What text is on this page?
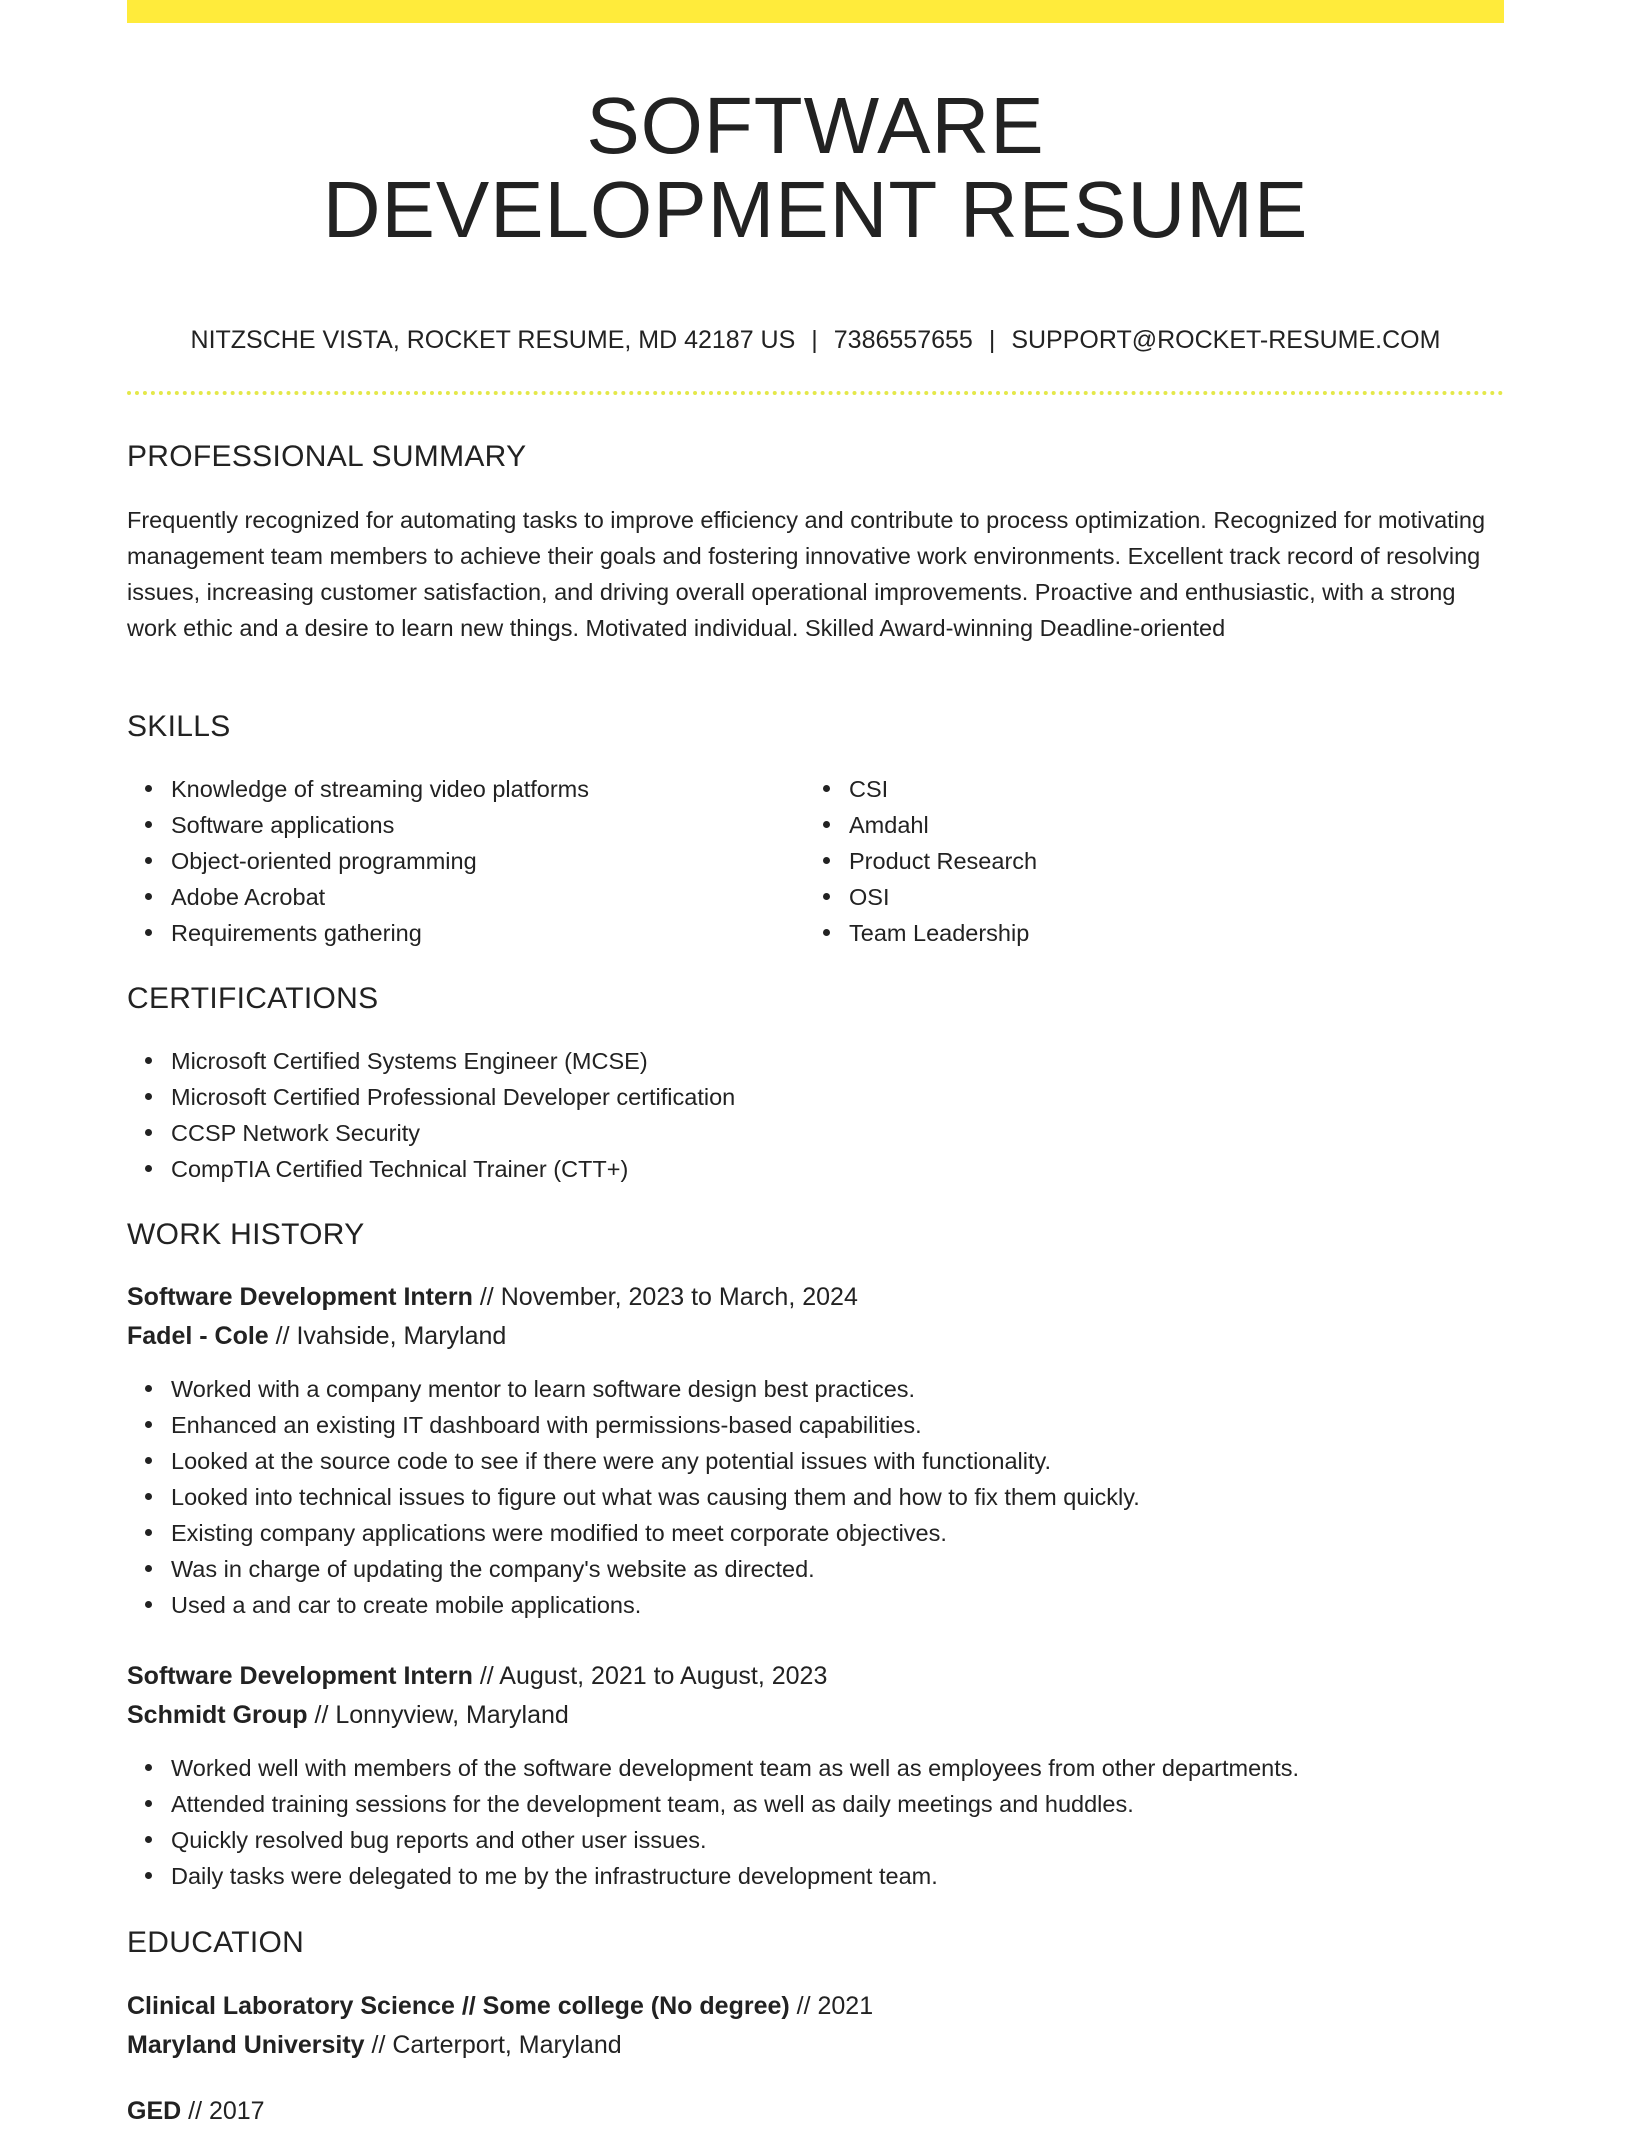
SOFTWARE
DEVELOPMENT RESUME
NITZSCHE VISTA, ROCKET RESUME, MD 42187 US | 7386557655 | SUPPORT@ROCKET-RESUME.COM
PROFESSIONAL SUMMARY

Frequently recognized for automating tasks to improve efficiency and contribute to process optimization. Recognized for motivating management team members to achieve their goals and fostering innovative work environments. Excellent track record of resolving issues, increasing customer satisfaction, and driving overall operational improvements. Proactive and enthusiastic, with a strong work ethic and a desire to learn new things. Motivated individual. Skilled Award-winning Deadline-oriented

SKILLS
Knowledge of streaming video platforms
Software applications
Object-oriented programming
Adobe Acrobat
Requirements gathering
CSI
Amdahl
Product Research
OSI
Team Leadership
CERTIFICATIONS
Microsoft Certified Systems Engineer (MCSE)
Microsoft Certified Professional Developer certification
CCSP Network Security
CompTIA Certified Technical Trainer (CTT+)
WORK HISTORY
Software Development Intern // November, 2023 to March, 2024
Fadel - Cole // Ivahside, Maryland
Worked with a company mentor to learn software design best practices.
Enhanced an existing IT dashboard with permissions-based capabilities.
Looked at the source code to see if there were any potential issues with functionality.
Looked into technical issues to figure out what was causing them and how to fix them quickly.
Existing company applications were modified to meet corporate objectives.
Was in charge of updating the company's website as directed.
Used a and car to create mobile applications.
Software Development Intern // August, 2021 to August, 2023
Schmidt Group // Lonnyview, Maryland
Worked well with members of the software development team as well as employees from other departments.
Attended training sessions for the development team, as well as daily meetings and huddles.
Quickly resolved bug reports and other user issues.
Daily tasks were delegated to me by the infrastructure development team.
EDUCATION
Clinical Laboratory Science // Some college (No degree) // 2021
Maryland University // Carterport, Maryland
GED // 2017
